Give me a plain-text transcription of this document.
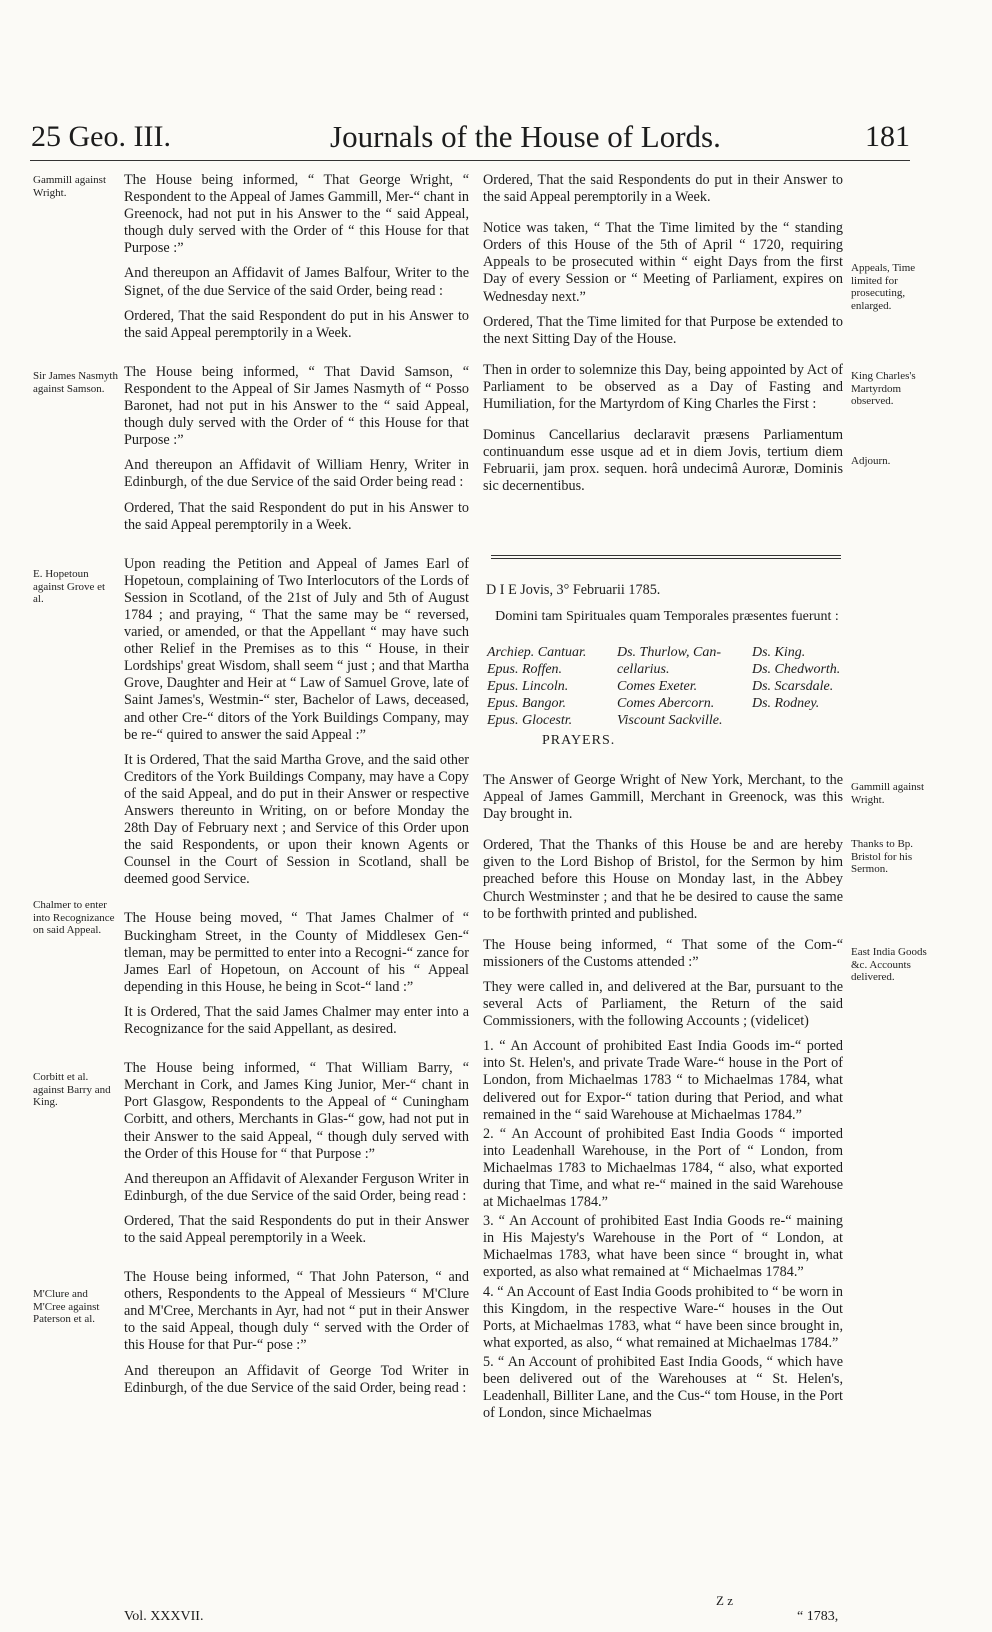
25 Geo. III.	Journals of the House of Lords.	181
Gammill against Wright.
Sir James Nasmyth against Samson.
E. Hopetoun against Grove et al.
Chalmer to enter into Recognizance on said Appeal.
Corbitt et al. against Barry and King.
M'Clure and M'Cree against Paterson et al.

The House being informed, “ That George Wright, “ Respondent to the Appeal of James Gammill, Mer-“ chant in Greenock, had not put in his Answer to the “ said Appeal, though duly served with the Order of “ this House for that Purpose :”

And thereupon an Affidavit of James Balfour, Writer to the Signet, of the due Service of the said Order, being read :

Ordered, That the said Respondent do put in his Answer to the said Appeal peremptorily in a Week.

The House being informed, “ That David Samson, “ Respondent to the Appeal of Sir James Nasmyth of “ Posso Baronet, had not put in his Answer to the “ said Appeal, though duly served with the Order of “ this House for that Purpose :”

And thereupon an Affidavit of William Henry, Writer in Edinburgh, of the due Service of the said Order being read :

Ordered, That the said Respondent do put in his Answer to the said Appeal peremptorily in a Week.

Upon reading the Petition and Appeal of James Earl of Hopetoun, complaining of Two Interlocutors of the Lords of Session in Scotland, of the 21st of July and 5th of August 1784 ; and praying, “ That the same may be “ reversed, varied, or amended, or that the Appellant “ may have such other Relief in the Premises as to this “ House, in their Lordships' great Wisdom, shall seem “ just ; and that Martha Grove, Daughter and Heir at “ Law of Samuel Grove, late of Saint James's, Westmin-“ ster, Bachelor of Laws, deceased, and other Cre-“ ditors of the York Buildings Company, may be re-“ quired to answer the said Appeal :”

It is Ordered, That the said Martha Grove, and the said other Creditors of the York Buildings Company, may have a Copy of the said Appeal, and do put in their Answer or respective Answers thereunto in Writing, on or before Monday the 28th Day of February next ; and Service of this Order upon the said Respondents, or upon their known Agents or Counsel in the Court of Session in Scotland, shall be deemed good Service.

The House being moved, “ That James Chalmer of “ Buckingham Street, in the County of Middlesex Gen-“ tleman, may be permitted to enter into a Recogni-“ zance for James Earl of Hopetoun, on Account of his “ Appeal depending in this House, he being in Scot-“ land :”

It is Ordered, That the said James Chalmer may enter into a Recognizance for the said Appellant, as desired.

The House being informed, “ That William Barry, “ Merchant in Cork, and James King Junior, Mer-“ chant in Port Glasgow, Respondents to the Appeal of “ Cuningham Corbitt, and others, Merchants in Glas-“ gow, had not put in their Answer to the said Appeal, “ though duly served with the Order of this House for “ that Purpose :”

And thereupon an Affidavit of Alexander Ferguson Writer in Edinburgh, of the due Service of the said Order, being read :

Ordered, That the said Respondents do put in their Answer to the said Appeal peremptorily in a Week.

The House being informed, “ That John Paterson, “ and others, Respondents to the Appeal of Messieurs “ M'Clure and M'Cree, Merchants in Ayr, had not “ put in their Answer to the said Appeal, though duly “ served with the Order of this House for that Pur-“ pose :”

And thereupon an Affidavit of George Tod Writer in Edinburgh, of the due Service of the said Order, being read :

Ordered, That the said Respondents do put in their Answer to the said Appeal peremptorily in a Week.

Notice was taken, “ That the Time limited by the “ standing Orders of this House of the 5th of April “ 1720, requiring Appeals to be prosecuted within “ eight Days from the first Day of every Session or “ Meeting of Parliament, expires on Wednesday next.”

Ordered, That the Time limited for that Purpose be extended to the next Sitting Day of the House.

Then in order to solemnize this Day, being appointed by Act of Parliament to be observed as a Day of Fasting and Humiliation, for the Martyrdom of King Charles the First :

Dominus Cancellarius declaravit præsens Parliamentum continuandum esse usque ad et in diem Jovis, tertium diem Februarii, jam prox. sequen. horâ undecimâ Auroræ, Dominis sic decernentibus.

D I E Jovis, 3° Februarii 1785.
Domini tam Spirituales quam Temporales præsentes fuerunt :
Archiep. Cantuar.
Epus. Roffen.
Epus. Lincoln.
Epus. Bangor.
Epus. Glocestr.
Ds. Thurlow, Can-
cellarius.
Comes Exeter.
Comes Abercorn.
Viscount Sackville.
Ds. King.
Ds. Chedworth.
Ds. Scarsdale.
Ds. Rodney.
PRAYERS.

The Answer of George Wright of New York, Merchant, to the Appeal of James Gammill, Merchant in Greenock, was this Day brought in.

Ordered, That the Thanks of this House be and are hereby given to the Lord Bishop of Bristol, for the Sermon by him preached before this House on Monday last, in the Abbey Church Westminster ; and that he be desired to cause the same to be forthwith printed and published.

The House being informed, “ That some of the Com-“ missioners of the Customs attended :”

They were called in, and delivered at the Bar, pursuant to the several Acts of Parliament, the Return of the said Commissioners, with the following Accounts ; (videlicet)

1. “ An Account of prohibited East India Goods im-“ ported into St. Helen's, and private Trade Ware-“ house in the Port of London, from Michaelmas 1783 “ to Michaelmas 1784, what delivered out for Expor-“ tation during that Period, and what remained in the “ said Warehouse at Michaelmas 1784.”

2. “ An Account of prohibited East India Goods “ imported into Leadenhall Warehouse, in the Port of “ London, from Michaelmas 1783 to Michaelmas 1784, “ also, what exported during that Time, and what re-“ mained in the said Warehouse at Michaelmas 1784.”

3. “ An Account of prohibited East India Goods re-“ maining in His Majesty's Warehouse in the Port of “ London, at Michaelmas 1783, what have been since “ brought in, what exported, as also what remained at “ Michaelmas 1784.”

4. “ An Account of East India Goods prohibited to “ be worn in this Kingdom, in the respective Ware-“ houses in the Out Ports, at Michaelmas 1783, what “ have been since brought in, what exported, as also, “ what remained at Michaelmas 1784.”

5. “ An Account of prohibited East India Goods, “ which have been delivered out of the Warehouses at “ St. Helen's, Leadenhall, Billiter Lane, and the Cus-“ tom House, in the Port of London, since Michaelmas

Appeals, Time limited for prosecuting, enlarged.
King Charles's Martyrdom observed.
Adjourn.
Gammill against Wright.
Thanks to Bp. Bristol for his Sermon.
East India Goods &c. Accounts delivered.
Vol. XXXVII.
Z z
“ 1783,
